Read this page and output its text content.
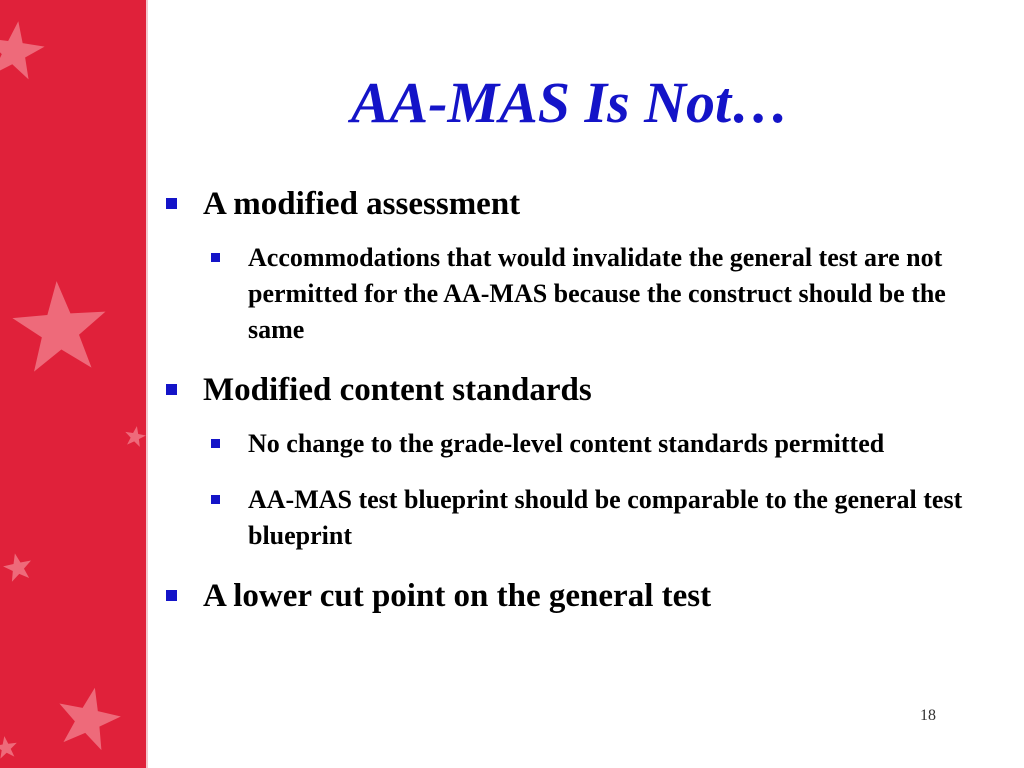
AA-MAS Is Not…
A modified assessment
Accommodations that would invalidate the general test are not permitted for the AA-MAS because the construct should be the same
Modified content standards
No change to the grade-level content standards permitted
AA-MAS test blueprint should be comparable to the general test blueprint
A lower cut point on the general test
18
